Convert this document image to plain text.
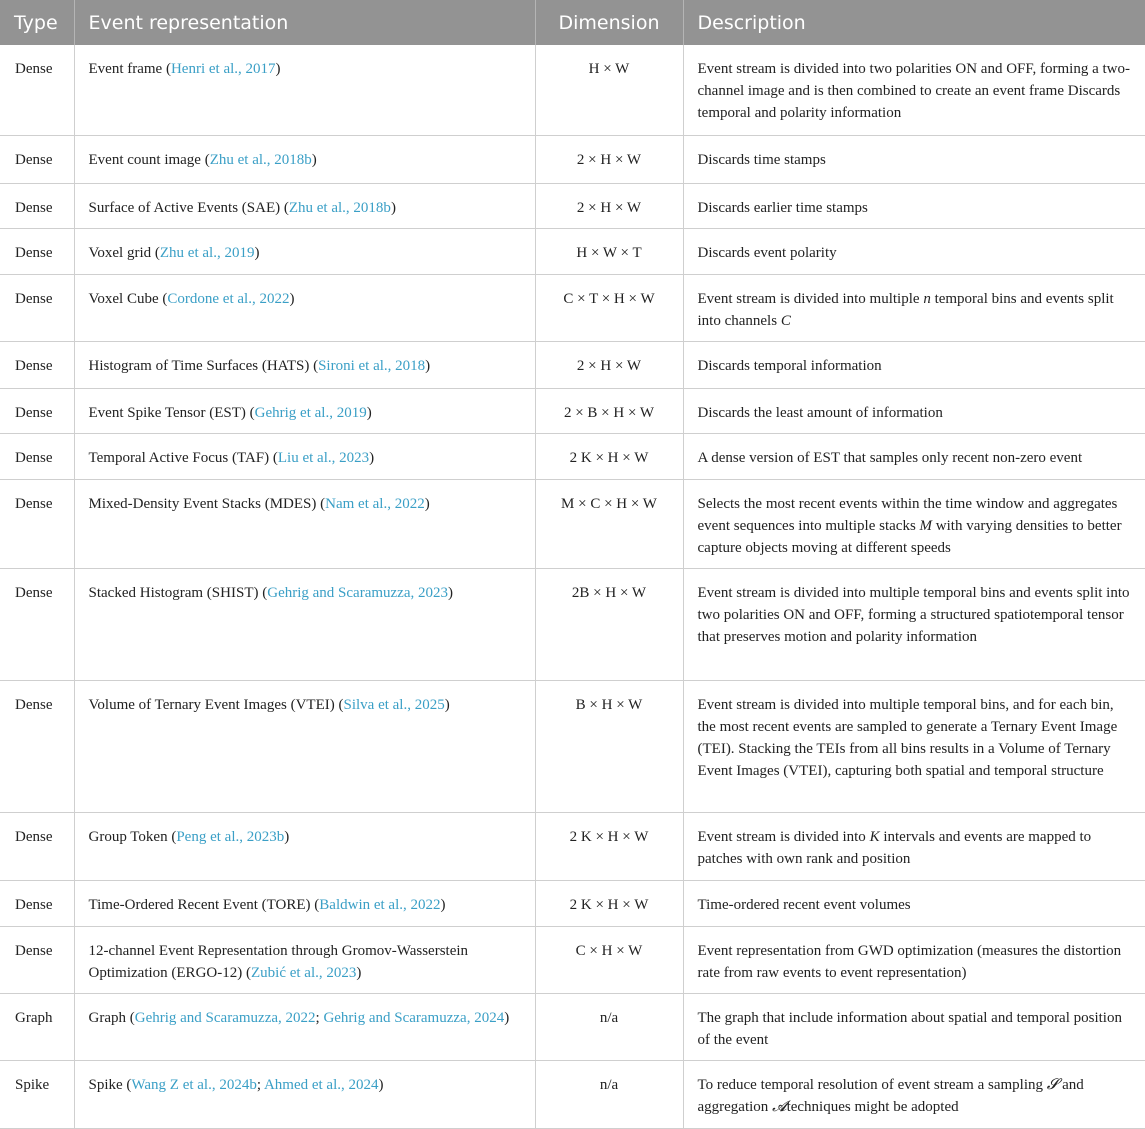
Type	Event representation	Dimension	Description
Dense	Event frame (Henri et al., 2017)	H × W	Event stream is divided into two polarities ON and OFF, forming a two-channel image and is then combined to create an event frame Discards temporal and polarity information
Dense	Event count image (Zhu et al., 2018b)	2 × H × W	Discards time stamps
Dense	Surface of Active Events (SAE) (Zhu et al., 2018b)	2 × H × W	Discards earlier time stamps
Dense	Voxel grid (Zhu et al., 2019)	H × W × T	Discards event polarity
Dense	Voxel Cube (Cordone et al., 2022)	C × T × H × W	Event stream is divided into multiple n temporal bins and events split into channels C
Dense	Histogram of Time Surfaces (HATS) (Sironi et al., 2018)	2 × H × W	Discards temporal information
Dense	Event Spike Tensor (EST) (Gehrig et al., 2019)	2 × B × H × W	Discards the least amount of information
Dense	Temporal Active Focus (TAF) (Liu et al., 2023)	2 K × H × W	A dense version of EST that samples only recent non-zero event
Dense	Mixed-Density Event Stacks (MDES) (Nam et al., 2022)	M × C × H × W	Selects the most recent events within the time window and aggregates event sequences into multiple stacks M with varying densities to better capture objects moving at different speeds
Dense	Stacked Histogram (SHIST) (Gehrig and Scaramuzza, 2023)	2B × H × W	Event stream is divided into multiple temporal bins and events split into two polarities ON and OFF, forming a structured spatiotemporal tensor that preserves motion and polarity information
Dense	Volume of Ternary Event Images (VTEI) (Silva et al., 2025)	B × H × W	Event stream is divided into multiple temporal bins, and for each bin, the most recent events are sampled to generate a Ternary Event Image (TEI). Stacking the TEIs from all bins results in a Volume of Ternary Event Images (VTEI), capturing both spatial and temporal structure
Dense	Group Token (Peng et al., 2023b)	2 K × H × W	Event stream is divided into K intervals and events are mapped to patches with own rank and position
Dense	Time-Ordered Recent Event (TORE) (Baldwin et al., 2022)	2 K × H × W	Time-ordered recent event volumes
Dense	12-channel Event Representation through Gromov-Wasserstein Optimization (ERGO-12) (Zubić et al., 2023)	C × H × W	Event representation from GWD optimization (measures the distortion rate from raw events to event representation)
Graph	Graph (Gehrig and Scaramuzza, 2022; Gehrig and Scaramuzza, 2024)	n/a	The graph that include information about spatial and temporal position of the event
Spike	Spike (Wang Z et al., 2024b; Ahmed et al., 2024)	n/a	To reduce temporal resolution of event stream a sampling 𝓢 and aggregation 𝓐techniques might be adopted
